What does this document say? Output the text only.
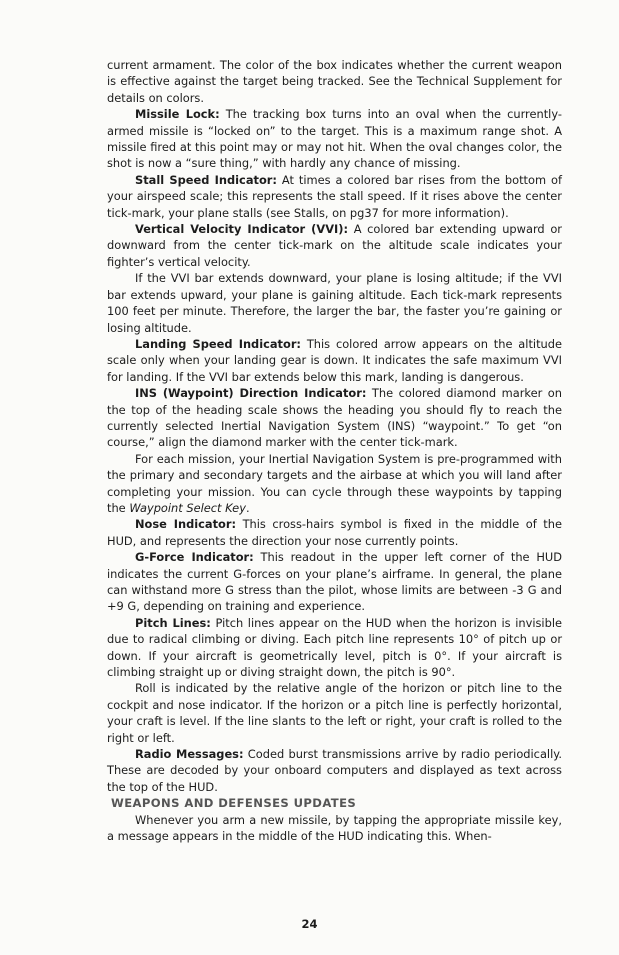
current armament. The color of the box indicates whether the current weapon is effective against the target being tracked. See the Technical Supplement for details on colors.

Missile Lock: The tracking box turns into an oval when the currently-armed missile is “locked on” to the target. This is a maximum range shot. A missile fired at this point may or may not hit. When the oval changes color, the shot is now a “sure thing,” with hardly any chance of missing.

Stall Speed Indicator: At times a colored bar rises from the bottom of your airspeed scale; this represents the stall speed. If it rises above the center tick-mark, your plane stalls (see Stalls, on pg37 for more information).

Vertical Velocity Indicator (VVI): A colored bar extending upward or downward from the center tick-mark on the altitude scale indicates your fighter’s vertical velocity.

If the VVI bar extends downward, your plane is losing altitude; if the VVI bar extends upward, your plane is gaining altitude. Each tick-mark represents 100 feet per minute. Therefore, the larger the bar, the faster you’re gaining or losing altitude.

Landing Speed Indicator: This colored arrow appears on the altitude scale only when your landing gear is down. It indicates the safe maximum VVI for landing. If the VVI bar extends below this mark, landing is dangerous.

INS (Waypoint) Direction Indicator: The colored diamond marker on the top of the heading scale shows the heading you should fly to reach the currently selected Inertial Navigation System (INS) “waypoint.” To get “on course,” align the diamond marker with the center tick-mark.

For each mission, your Inertial Navigation System is pre-programmed with the primary and secondary targets and the airbase at which you will land after completing your mission. You can cycle through these waypoints by tapping the Waypoint Select Key.

Nose Indicator: This cross-hairs symbol is fixed in the middle of the HUD, and represents the direction your nose currently points.

G-Force Indicator: This readout in the upper left corner of the HUD indicates the current G-forces on your plane’s airframe. In general, the plane can withstand more G stress than the pilot, whose limits are between -3 G and +9 G, depending on training and experience.

Pitch Lines: Pitch lines appear on the HUD when the horizon is invisible due to radical climbing or diving. Each pitch line represents 10° of pitch up or down. If your aircraft is geometrically level, pitch is 0°. If your aircraft is climbing straight up or diving straight down, the pitch is 90°.

Roll is indicated by the relative angle of the horizon or pitch line to the cockpit and nose indicator. If the horizon or a pitch line is perfectly horizontal, your craft is level. If the line slants to the left or right, your craft is rolled to the right or left.

Radio Messages: Coded burst transmissions arrive by radio periodically. These are decoded by your onboard computers and displayed as text across the top of the HUD.

WEAPONS AND DEFENSES UPDATES

Whenever you arm a new missile, by tapping the appropriate missile key, a message appears in the middle of the HUD indicating this. When-

24
